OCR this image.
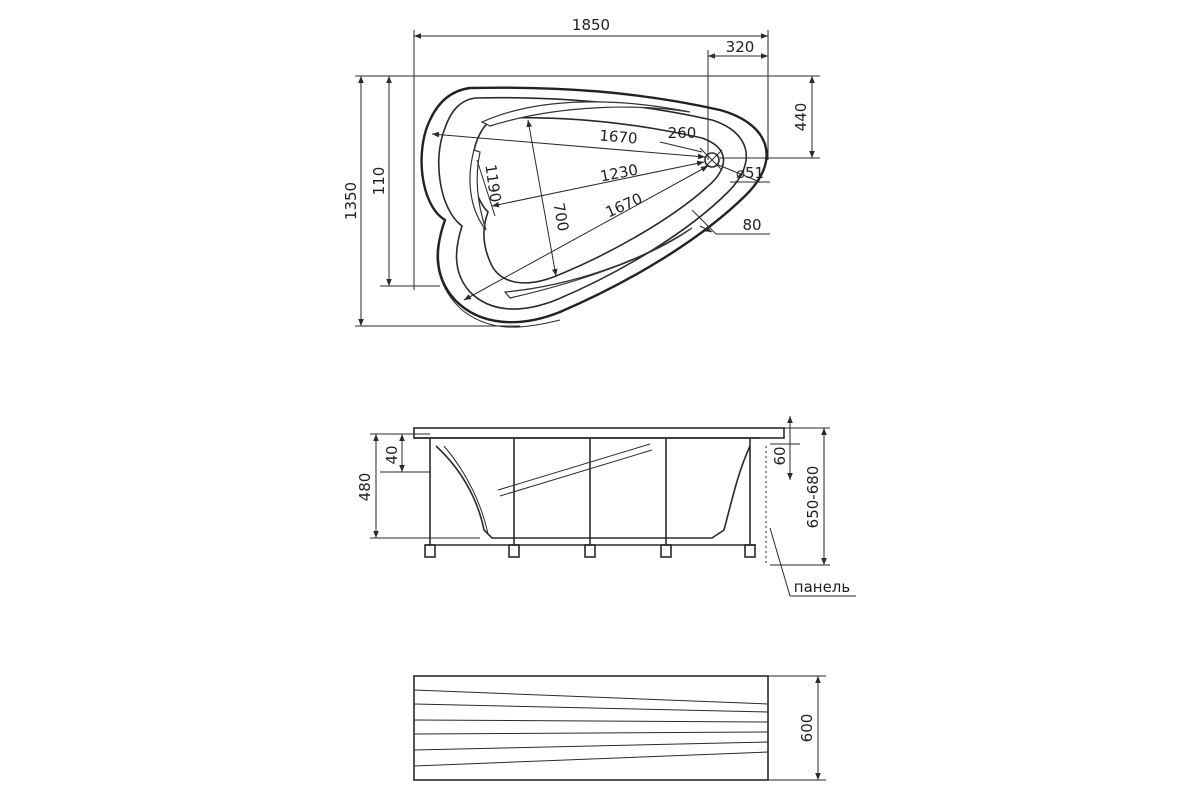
1850
320
1350
110
440
1670
1230
1670
1190
700
260
⌀51
80
40
480
60
650-680
панель
600
